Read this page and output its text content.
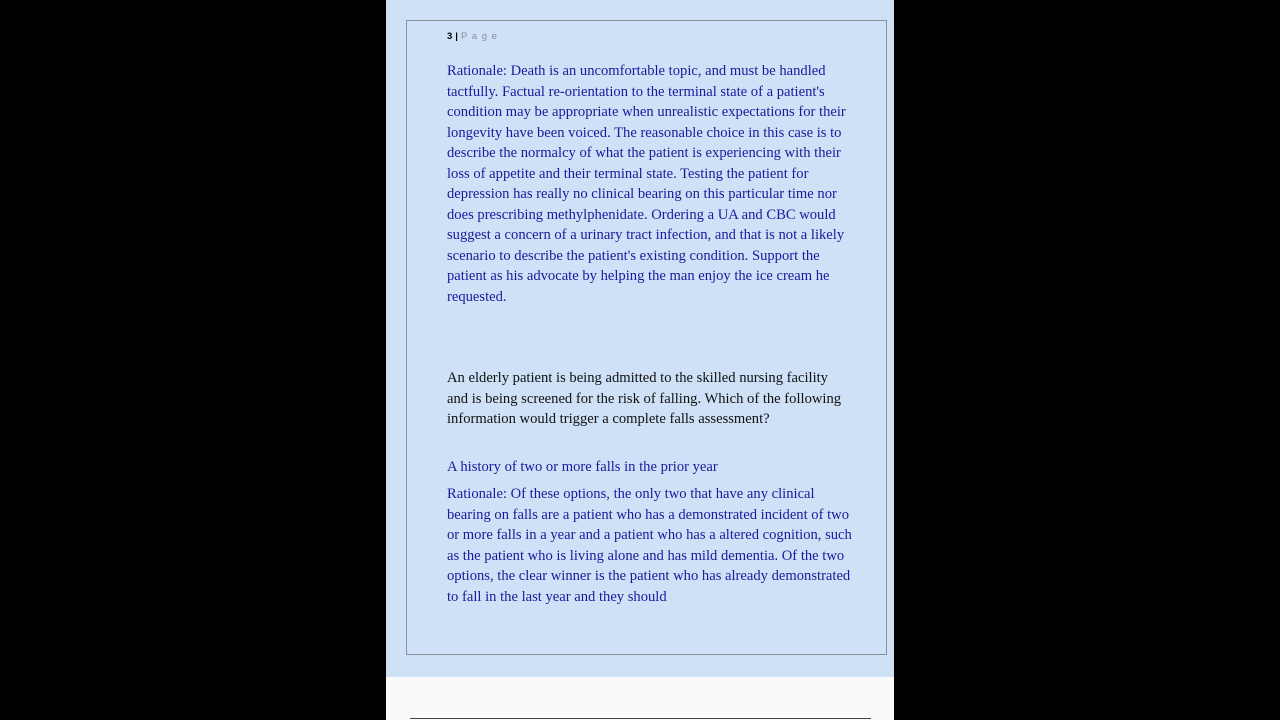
3 | P a g e

Rationale: Death is an uncomfortable topic, and must be handled tactfully. Factual re-orientation to the terminal state of a patient's condition may be appropriate when unrealistic expectations for their longevity have been voiced. The reasonable choice in this case is to describe the normalcy of what the patient is experiencing with their loss of appetite and their terminal state. Testing the patient for depression has really no clinical bearing on this particular time nor does prescribing methylphenidate. Ordering a UA and CBC would suggest a concern of a urinary tract infection, and that is not a likely scenario to describe the patient's existing condition. Support the patient as his advocate by helping the man enjoy the ice cream he requested.

An elderly patient is being admitted to the skilled nursing facility and is being screened for the risk of falling. Which of the following information would trigger a complete falls assessment?

A history of two or more falls in the prior year

Rationale: Of these options, the only two that have any clinical bearing on falls are a patient who has a demonstrated incident of two or more falls in a year and a patient who has a altered cognition, such as the patient who is living alone and has mild dementia. Of the two options, the clear winner is the patient who has already demonstrated to fall in the last year and they should
